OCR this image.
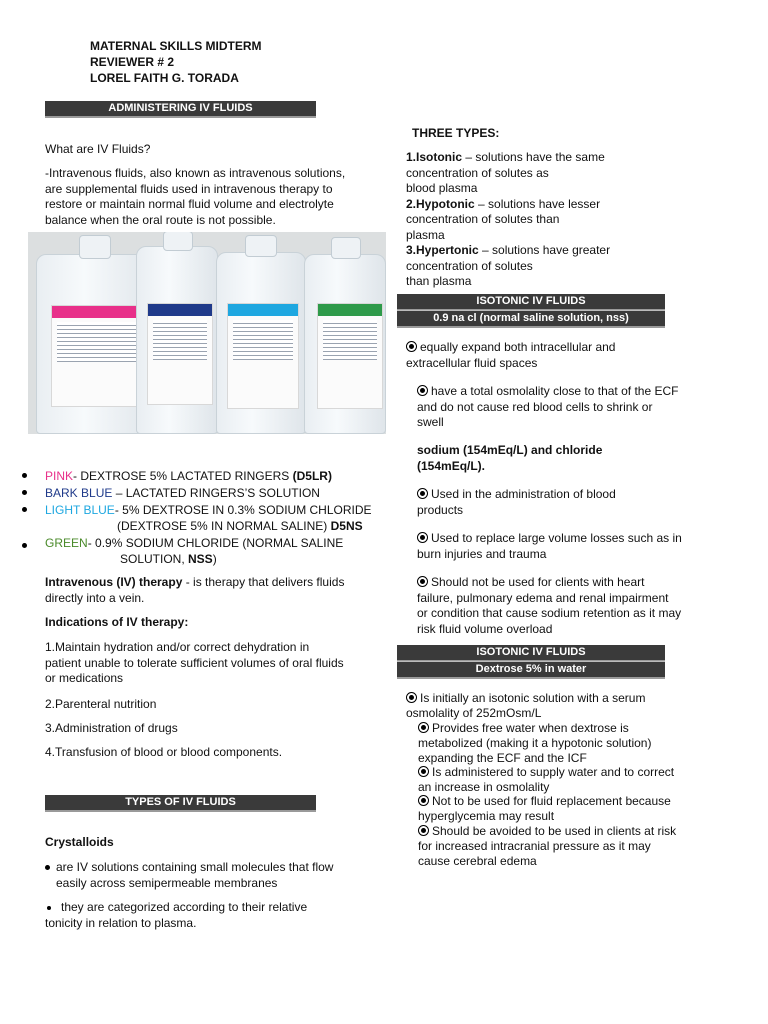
MATERNAL SKILLS MIDTERM
REVIEWER # 2
LOREL FAITH G. TORADA
ADMINISTERING IV FLUIDS
What are IV Fluids?
-Intravenous fluids, also known as intravenous solutions, are supplemental fluids used in intravenous therapy to restore or maintain normal fluid volume and electrolyte balance when the oral route is not possible.
PINK- DEXTROSE 5% LACTATED RINGERS (D5LR)
BARK BLUE – LACTATED RINGERS’S SOLUTION
LIGHT BLUE- 5% DEXTROSE IN 0.3% SODIUM CHLORIDE
(DEXTROSE 5% IN NORMAL SALINE) D5NS
GREEN- 0.9% SODIUM CHLORIDE (NORMAL SALINE
SOLUTION, NSS)
Intravenous (IV) therapy - is therapy that delivers fluids directly into a vein.
Indications of IV therapy:
1.Maintain hydration and/or correct dehydration in patient unable to tolerate sufficient volumes of oral fluids or medications
2.Parenteral nutrition
3.Administration of drugs
4.Transfusion of blood or blood components.
TYPES OF IV FLUIDS
Crystalloids
are IV solutions containing small molecules that flow easily across semipermeable membranes
they are categorized according to their relative tonicity in relation to plasma.
THREE TYPES:
1.Isotonic – solutions have the same
concentration of solutes as
blood plasma
2.Hypotonic – solutions have lesser
concentration of solutes than
plasma
3.Hypertonic – solutions have greater
concentration of solutes
than plasma
ISOTONIC IV FLUIDS
0.9 na cl (normal saline solution, nss)
equally expand both intracellular and extracellular fluid spaces
have a total osmolality close to that of the ECF and do not cause red blood cells to shrink or swell
sodium (154mEq/L) and chloride (154mEq/L).
Used in the administration of blood products
Used to replace large volume losses such as in burn injuries and trauma
Should not be used for clients with heart failure, pulmonary edema and renal impairment or condition that cause sodium retention as it may risk fluid volume overload
ISOTONIC IV FLUIDS
Dextrose 5% in water
Is initially an isotonic solution with a serum osmolality of 252mOsm/L
Provides free water when dextrose is metabolized (making it a hypotonic solution) expanding the ECF and the ICF
Is administered to supply water and to correct an increase in osmolality
Not to be used for fluid replacement because hyperglycemia may result
Should be avoided to be used in clients at risk for increased intracranial pressure as it may cause cerebral edema
